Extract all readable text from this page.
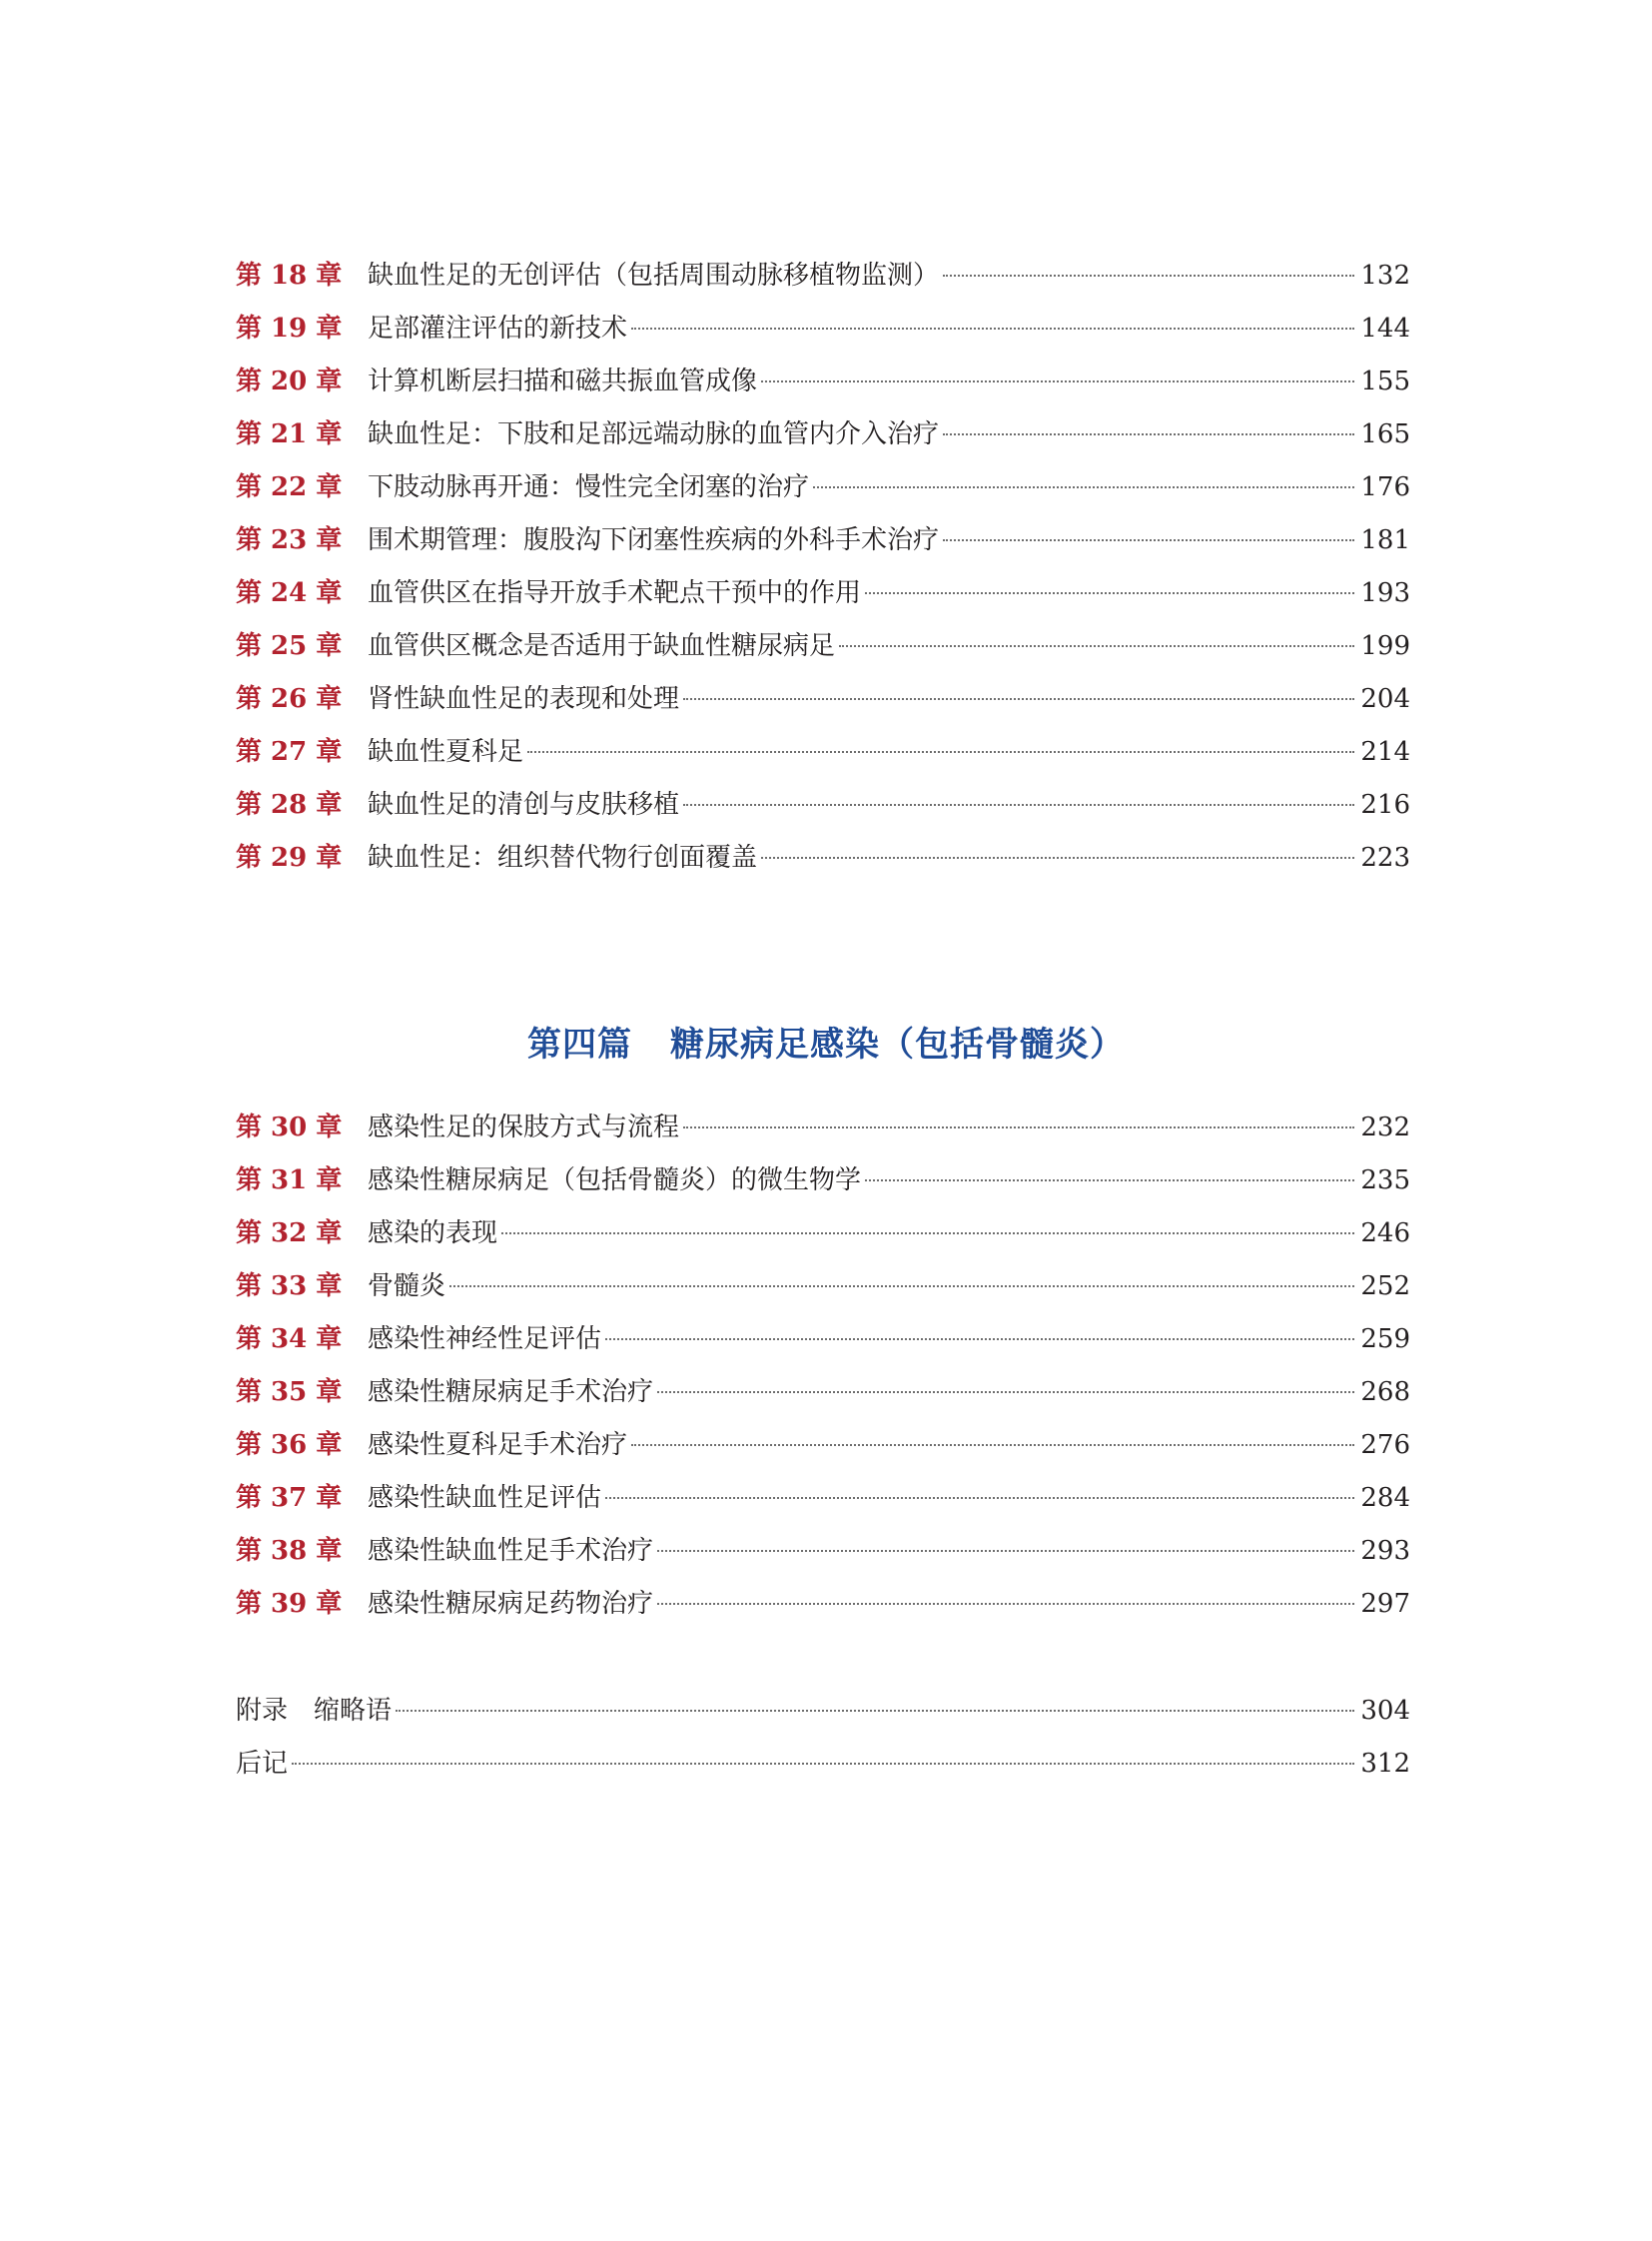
第 18 章 缺血性足的无创评估（包括周围动脉移植物监测）	132
第 19 章 足部灌注评估的新技术	144
第 20 章 计算机断层扫描和磁共振血管成像	155
第 21 章 缺血性足：下肢和足部远端动脉的血管内介入治疗	165
第 22 章 下肢动脉再开通：慢性完全闭塞的治疗	176
第 23 章 围术期管理：腹股沟下闭塞性疾病的外科手术治疗	181
第 24 章 血管供区在指导开放手术靶点干预中的作用	193
第 25 章 血管供区概念是否适用于缺血性糖尿病足	199
第 26 章 肾性缺血性足的表现和处理	204
第 27 章 缺血性夏科足	214
第 28 章 缺血性足的清创与皮肤移植	216
第 29 章 缺血性足：组织替代物行创面覆盖	223
第四篇 糖尿病足感染（包括骨髓炎）
第 30 章 感染性足的保肢方式与流程	232
第 31 章 感染性糖尿病足（包括骨髓炎）的微生物学	235
第 32 章 感染的表现	246
第 33 章 骨髓炎	252
第 34 章 感染性神经性足评估	259
第 35 章 感染性糖尿病足手术治疗	268
第 36 章 感染性夏科足手术治疗	276
第 37 章 感染性缺血性足评估	284
第 38 章 感染性缺血性足手术治疗	293
第 39 章 感染性糖尿病足药物治疗	297
附录　缩略语	304
后记	312
